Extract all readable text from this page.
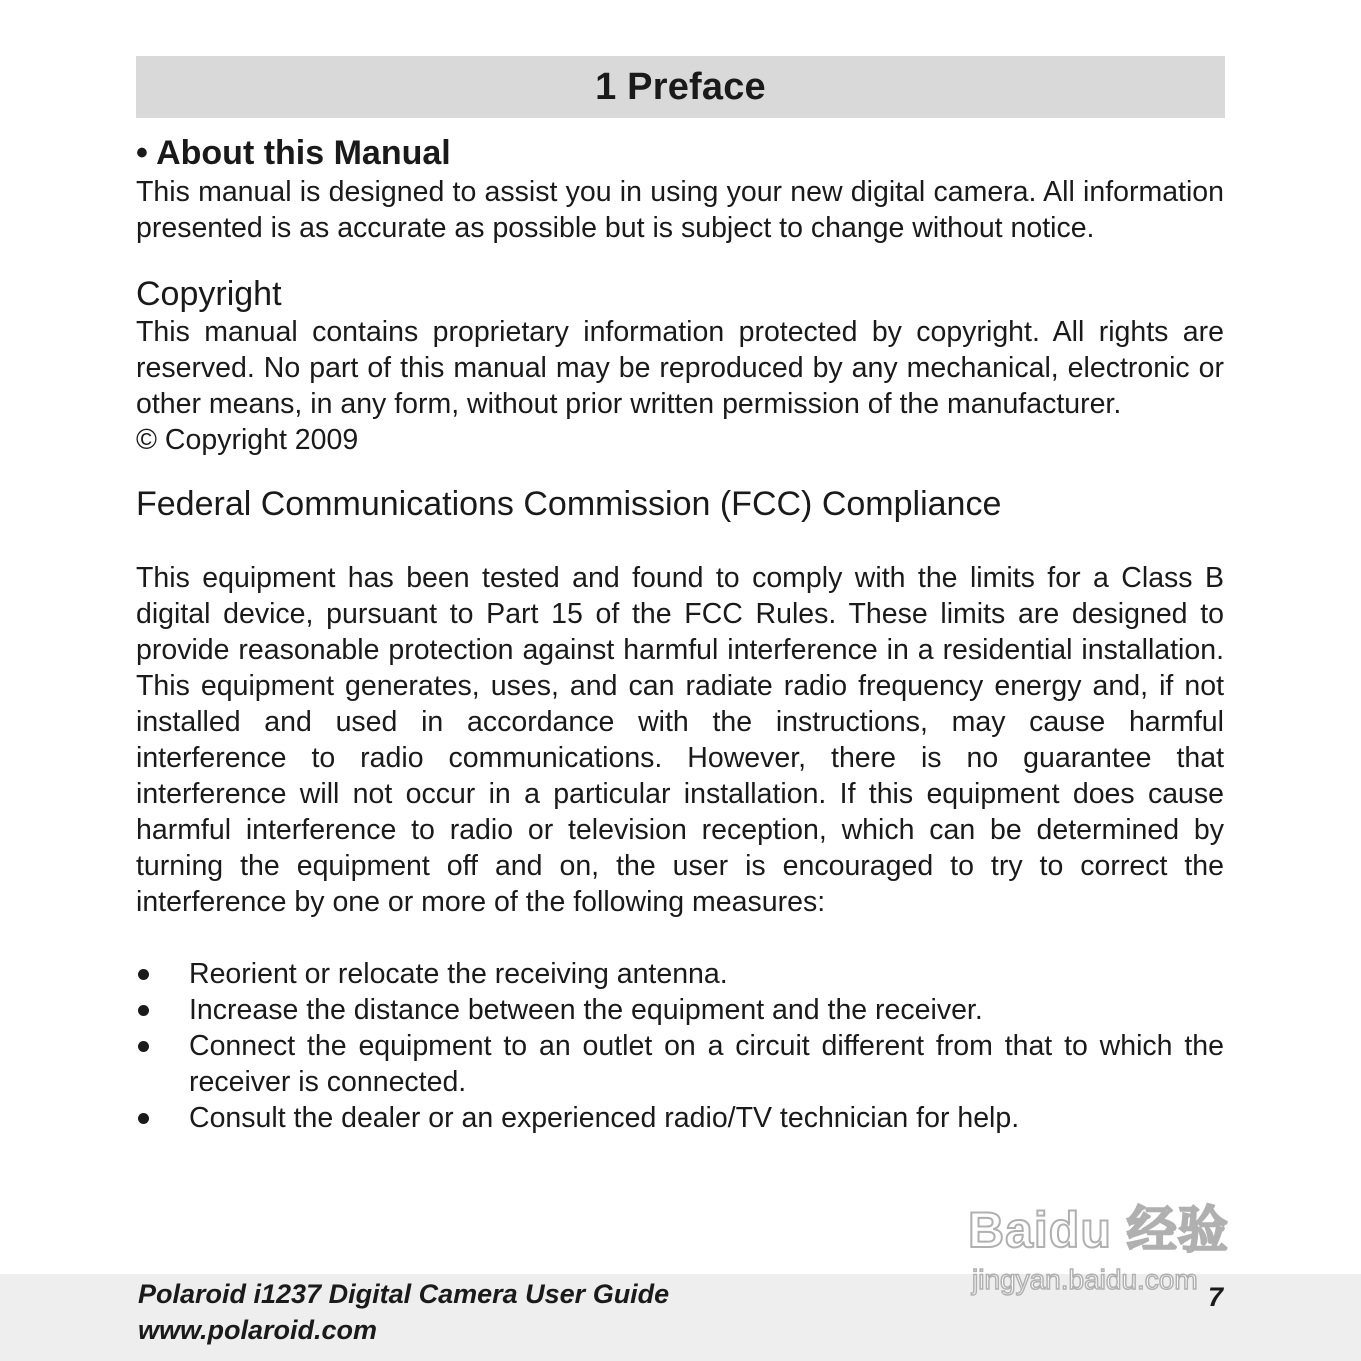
1 Preface

• About this Manual

This manual is designed to assist you in using your new digital camera. All information presented is as accurate as possible but is subject to change without notice.

Copyright

This manual contains proprietary information protected by copyright. All rights are reserved. No part of this manual may be reproduced by any mechanical, electronic or other means, in any form, without prior written permission of the manufacturer.

© Copyright 2009

Federal Communications Commission (FCC) Compliance

This equipment has been tested and found to comply with the limits for a Class B digital device, pursuant to Part 15 of the FCC Rules. These limits are designed to provide reasonable protection against harmful interference in a residential installation. This equipment generates, uses, and can radiate radio frequency energy and, if not installed and used in accordance with the instructions, may cause harmful interference to radio communications. However, there is no guarantee that interference will not occur in a particular installation. If this equipment does cause harmful interference to radio or television reception, which can be determined by turning the equipment off and on, the user is encouraged to try to correct the interference by one or more of the following measures:

Reorient or relocate the receiving antenna.
Increase the distance between the equipment and the receiver.
Connect the equipment to an outlet on a circuit different from that to which the receiver is connected.
Consult the dealer or an experienced radio/TV technician for help.
Polaroid i1237 Digital Camera User Guide
www.polaroid.com
7
Baidu 经验
jingyan.baidu.com
